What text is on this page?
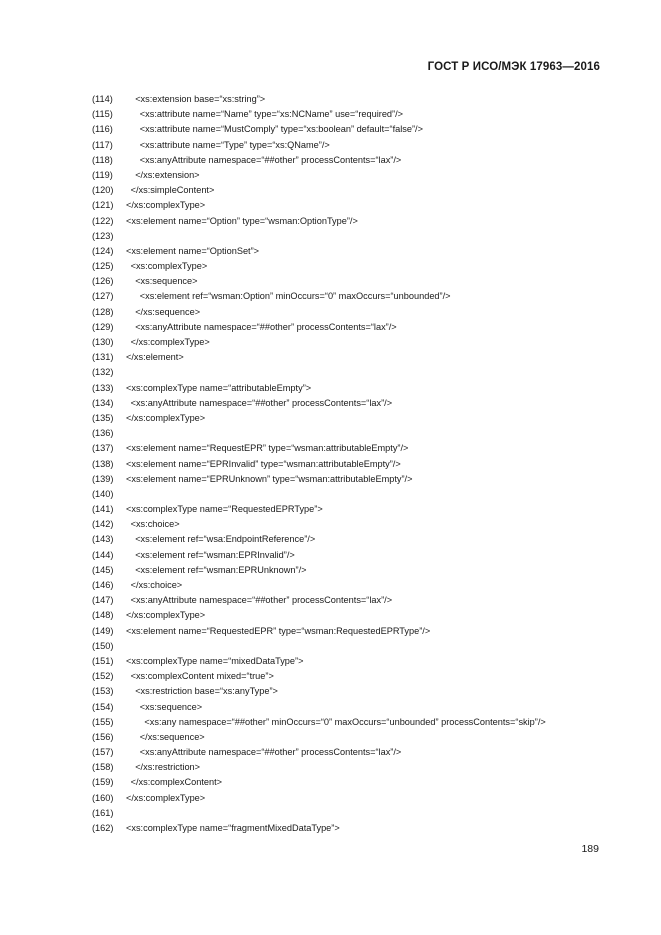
ГОСТ Р ИСО/МЭК 17963—2016
(114) <xs:extension base=“xs:string”>
(115)	<xs:attribute name=“Name” type=“xs:NCName” use=“required”/>
(116)	<xs:attribute name=“MustComply” type=“xs:boolean” default=“false”/>
(117)	<xs:attribute name=“Type” type=“xs:QName”/>
(118)	<xs:anyAttribute namespace=“##other” processContents=“lax”/>
(119) </xs:extension>
(120) </xs:simpleContent>
(121) </xs:complexType>
(122) <xs:element name=“Option” type=“wsman:OptionType”/>
(123)
(124) <xs:element name=“OptionSet”>
(125) <xs:complexType>
(126) <xs:sequence>
(127)	<xs:element ref=“wsman:Option” minOccurs=“0” maxOccurs=“unbounded”/>
(128) </xs:sequence>
(129) <xs:anyAttribute namespace=“##other” processContents=“lax”/>
(130) </xs:complexType>
(131) </xs:element>
(132)
(133) <xs:complexType name=“attributableEmpty”>
(134) <xs:anyAttribute namespace=“##other” processContents=“lax”/>
(135) </xs:complexType>
(136)
(137) <xs:element name=“RequestEPR” type=“wsman:attributableEmpty”/>
(138) <xs:element name=“EPRInvalid” type=“wsman:attributableEmpty”/>
(139) <xs:element name=“EPRUnknown” type=“wsman:attributableEmpty”/>
(140)
(141) <xs:complexType name=“RequestedEPRType”>
(142) <xs:choice>
(143) <xs:element ref=“wsa:EndpointReference”/>
(144) <xs:element ref=“wsman:EPRInvalid”/>
(145) <xs:element ref=“wsman:EPRUnknown”/>
(146) </xs:choice>
(147) <xs:anyAttribute namespace=“##other” processContents=“lax”/>
(148) </xs:complexType>
(149) <xs:element name=“RequestedEPR” type=“wsman:RequestedEPRType”/>
(150)
(151) <xs:complexType name=“mixedDataType”>
(152) <xs:complexContent mixed=“true”>
(153) <xs:restriction base=“xs:anyType”>
(154)	<xs:sequence>
(155)	<xs:any namespace=“##other” minOccurs=“0” maxOccurs=“unbounded” processContents=“skip”/>
(156)	</xs:sequence>
(157)	<xs:anyAttribute namespace=“##other” processContents=“lax”/>
(158) </xs:restriction>
(159) </xs:complexContent>
(160) </xs:complexType>
(161)
(162) <xs:complexType name=“fragmentMixedDataType”>
189
